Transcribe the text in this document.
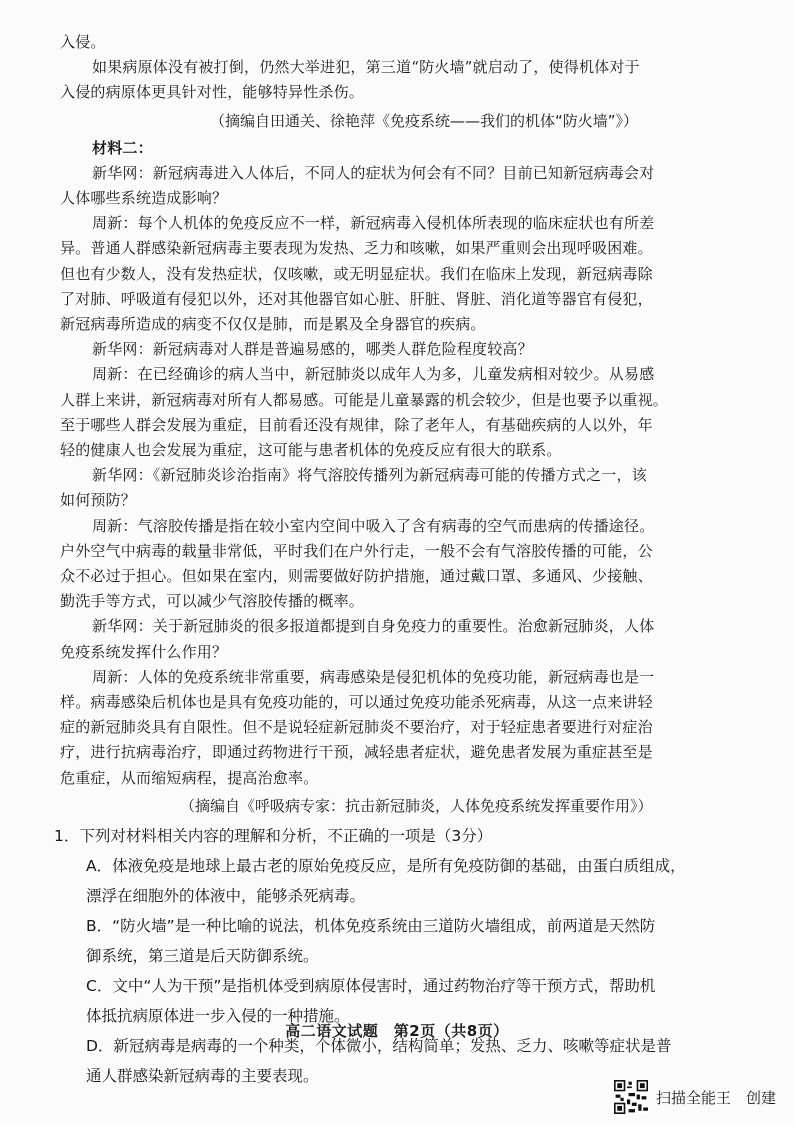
入侵。
如果病原体没有被打倒，仍然大举进犯，第三道“防火墙”就启动了，使得机体对于
入侵的病原体更具针对性，能够特异性杀伤。
（摘编自田通关、徐艳萍《免疫系统——我们的机体“防火墙”》）
材料二：
新华网：新冠病毒进入人体后，不同人的症状为何会有不同？目前已知新冠病毒会对
人体哪些系统造成影响？
周新：每个人机体的免疫反应不一样，新冠病毒入侵机体所表现的临床症状也有所差
异。普通人群感染新冠病毒主要表现为发热、乏力和咳嗽，如果严重则会出现呼吸困难。
但也有少数人，没有发热症状，仅咳嗽，或无明显症状。我们在临床上发现，新冠病毒除
了对肺、呼吸道有侵犯以外，还对其他器官如心脏、肝脏、肾脏、消化道等器官有侵犯，
新冠病毒所造成的病变不仅仅是肺，而是累及全身器官的疾病。
新华网：新冠病毒对人群是普遍易感的，哪类人群危险程度较高？
周新：在已经确诊的病人当中，新冠肺炎以成年人为多，儿童发病相对较少。从易感
人群上来讲，新冠病毒对所有人都易感。可能是儿童暴露的机会较少，但是也要予以重视。
至于哪些人群会发展为重症，目前看还没有规律，除了老年人，有基础疾病的人以外，年
轻的健康人也会发展为重症，这可能与患者机体的免疫反应有很大的联系。
新华网：《新冠肺炎诊治指南》将气溶胶传播列为新冠病毒可能的传播方式之一，该
如何预防？
周新：气溶胶传播是指在较小室内空间中吸入了含有病毒的空气而患病的传播途径。
户外空气中病毒的载量非常低，平时我们在户外行走，一般不会有气溶胶传播的可能，公
众不必过于担心。但如果在室内，则需要做好防护措施，通过戴口罩、多通风、少接触、
勤洗手等方式，可以减少气溶胶传播的概率。
新华网：关于新冠肺炎的很多报道都提到自身免疫力的重要性。治愈新冠肺炎，人体
免疫系统发挥什么作用？
周新：人体的免疫系统非常重要，病毒感染是侵犯机体的免疫功能，新冠病毒也是一
样。病毒感染后机体也是具有免疫功能的，可以通过免疫功能杀死病毒，从这一点来讲轻
症的新冠肺炎具有自限性。但不是说轻症新冠肺炎不要治疗，对于轻症患者要进行对症治
疗，进行抗病毒治疗，即通过药物进行干预，减轻患者症状，避免患者发展为重症甚至是
危重症，从而缩短病程，提高治愈率。
（摘编自《呼吸病专家：抗击新冠肺炎，人体免疫系统发挥重要作用》）
1．下列对材料相关内容的理解和分析，不正确的一项是（3分）
A．体液免疫是地球上最古老的原始免疫反应，是所有免疫防御的基础，由蛋白质组成，
漂浮在细胞外的体液中，能够杀死病毒。
B．“防火墙”是一种比喻的说法，机体免疫系统由三道防火墙组成，前两道是天然防
御系统，第三道是后天防御系统。
C．文中“人为干预”是指机体受到病原体侵害时，通过药物治疗等干预方式，帮助机
体抵抗病原体进一步入侵的一种措施。
D．新冠病毒是病毒的一个种类，个体微小，结构简单；发热、乏力、咳嗽等症状是普
通人群感染新冠病毒的主要表现。
高二语文试题　第2页（共8页）
扫描全能王　创建
